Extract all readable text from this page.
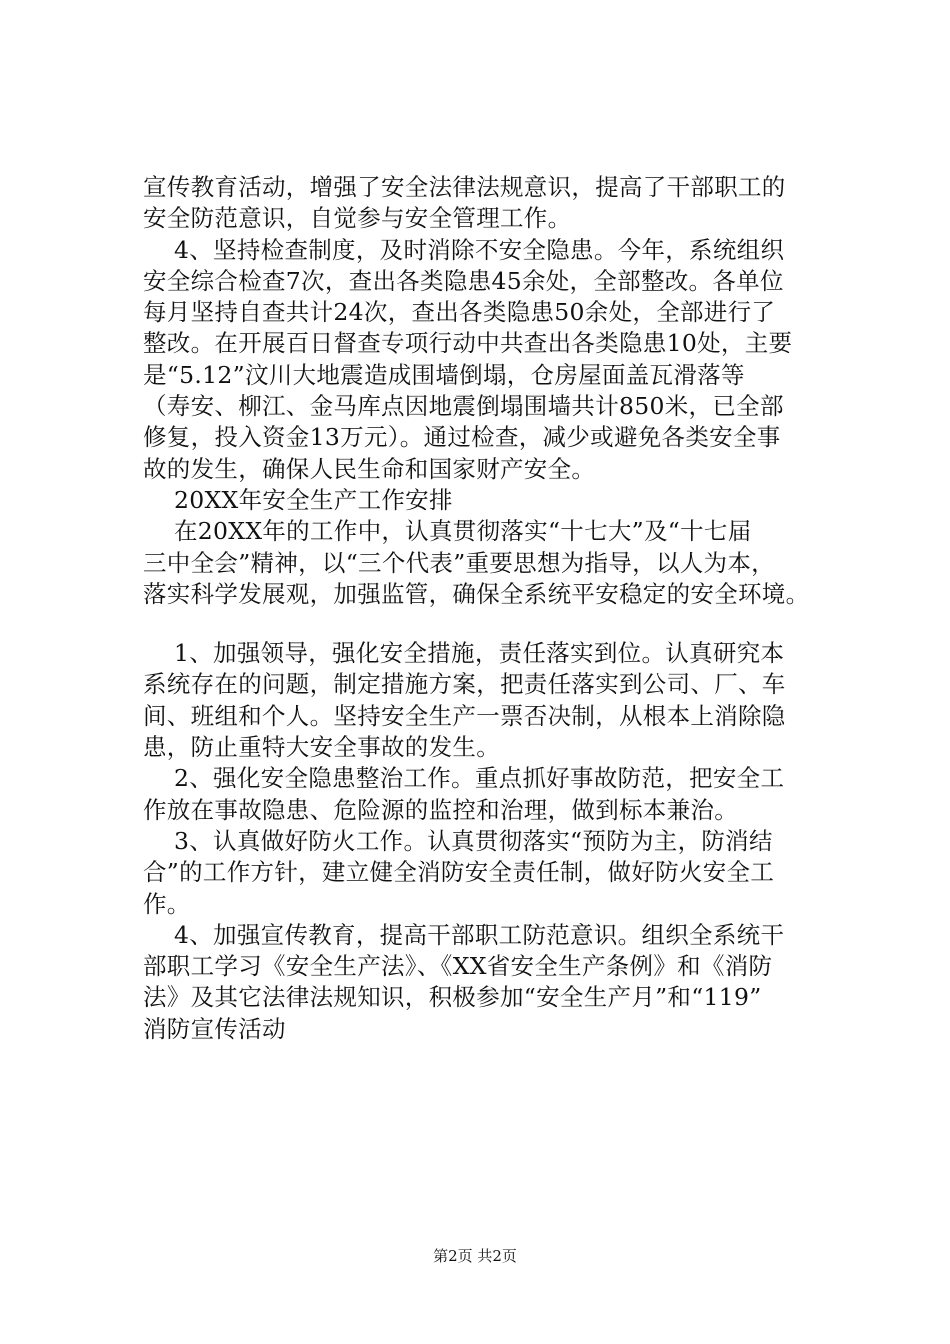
宣传教育活动，增强了安全法律法规意识，提高了干部职工的
安全防范意识，自觉参与安全管理工作。
4、坚持检查制度，及时消除不安全隐患。今年，系统组织
安全综合检查7次，查出各类隐患45余处，全部整改。各单位
每月坚持自查共计24次，查出各类隐患50余处，全部进行了
整改。在开展百日督查专项行动中共查出各类隐患10处，主要
是“5.12”汶川大地震造成围墙倒塌，仓房屋面盖瓦滑落等
（寿安、柳江、金马库点因地震倒塌围墙共计850米，已全部
修复，投入资金13万元）。通过检查，减少或避免各类安全事
故的发生，确保人民生命和国家财产安全。
20XX年安全生产工作安排
在20XX年的工作中，认真贯彻落实“十七大”及“十七届
三中全会”精神，以“三个代表”重要思想为指导，以人为本，
落实科学发展观，加强监管，确保全系统平安稳定的安全环境。
1、加强领导，强化安全措施，责任落实到位。认真研究本
系统存在的问题，制定措施方案，把责任落实到公司、厂、车
间、班组和个人。坚持安全生产一票否决制，从根本上消除隐
患，防止重特大安全事故的发生。
2、强化安全隐患整治工作。重点抓好事故防范，把安全工
作放在事故隐患、危险源的监控和治理，做到标本兼治。
3、认真做好防火工作。认真贯彻落实“预防为主，防消结
合”的工作方针，建立健全消防安全责任制，做好防火安全工
作。
4、加强宣传教育，提高干部职工防范意识。组织全系统干
部职工学习《安全生产法》、《XX省安全生产条例》和《消防
法》及其它法律法规知识，积极参加“安全生产月”和“119”
消防宣传活动
第2页 共2页
